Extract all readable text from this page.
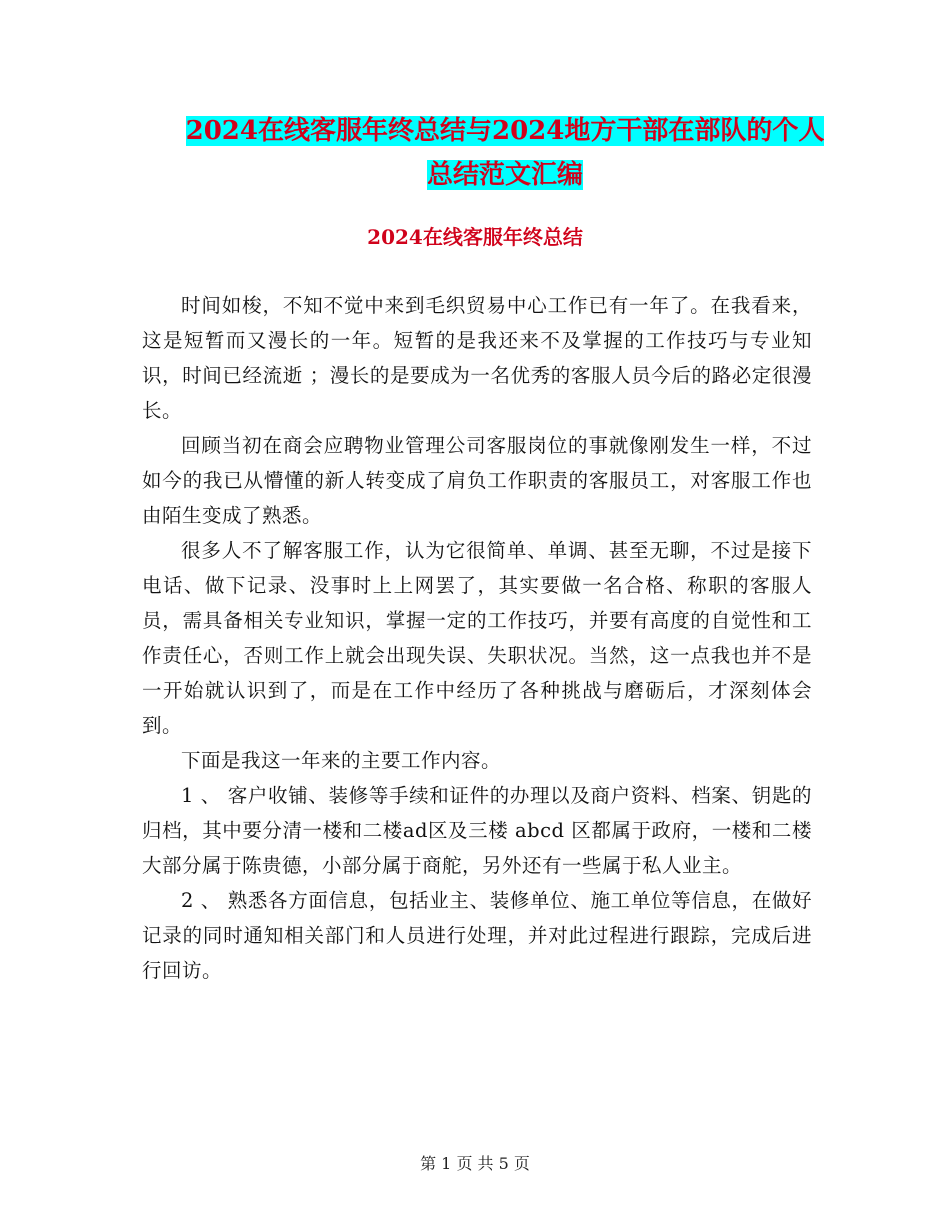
2024在线客服年终总结与2024地方干部在部队的个人
总结范文汇编
2024在线客服年终总结

时间如梭，不知不觉中来到毛织贸易中心工作已有一年了。在我看来，这是短暂而又漫长的一年。短暂的是我还来不及掌握的工作技巧与专业知识，时间已经流逝 ；漫长的是要成为一名优秀的客服人员今后的路必定很漫长。

回顾当初在商会应聘物业管理公司客服岗位的事就像刚发生一样，不过如今的我已从懵懂的新人转变成了肩负工作职责的客服员工，对客服工作也由陌生变成了熟悉。

很多人不了解客服工作，认为它很简单、单调、甚至无聊，不过是接下电话、做下记录、没事时上上网罢了，其实要做一名合格、称职的客服人员，需具备相关专业知识，掌握一定的工作技巧，并要有高度的自觉性和工作责任心，否则工作上就会出现失误、失职状况。当然，这一点我也并不是一开始就认识到了，而是在工作中经历了各种挑战与磨砺后，才深刻体会到。

下面是我这一年来的主要工作内容。

1 、 客户收铺、装修等手续和证件的办理以及商户资料、档案、钥匙的归档，其中要分清一楼和二楼ad区及三楼 abcd 区都属于政府，一楼和二楼大部分属于陈贵德，小部分属于商舵，另外还有一些属于私人业主。

2 、 熟悉各方面信息，包括业主、装修单位、施工单位等信息，在做好记录的同时通知相关部门和人员进行处理，并对此过程进行跟踪，完成后进行回访。

第 1 页 共 5 页
